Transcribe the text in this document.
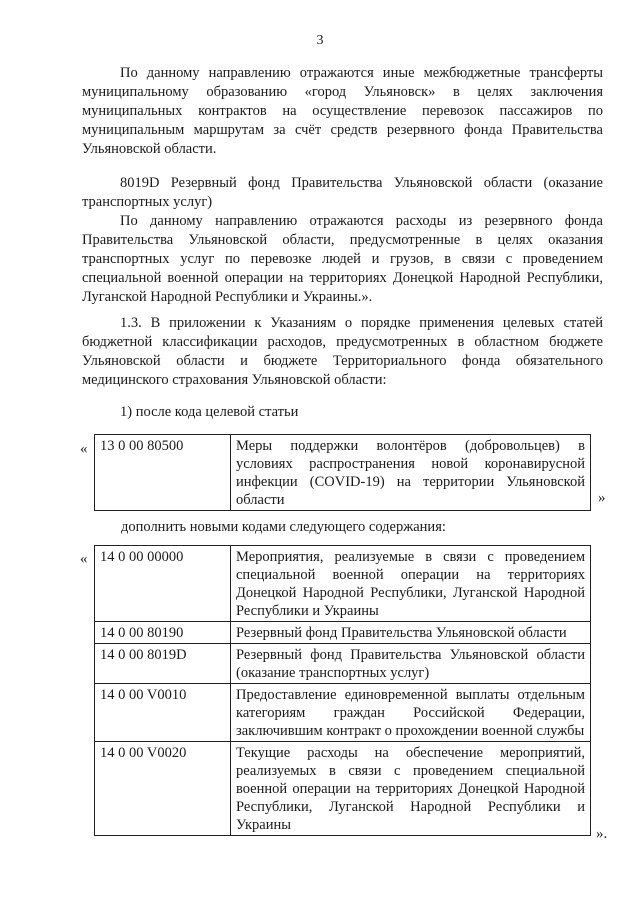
3
По данному направлению отражаются иные межбюджетные трансферты муниципальному образованию «город Ульяновск» в целях заключения муниципальных контрактов на осуществление перевозок пассажиров по муниципальным маршрутам за счёт средств резервного фонда Правительства Ульяновской области.
8019D Резервный фонд Правительства Ульяновской области (оказание транспортных услуг)
По данному направлению отражаются расходы из резервного фонда Правительства Ульяновской области, предусмотренные в целях оказания транспортных услуг по перевозке людей и грузов, в связи с проведением специальной военной операции на территориях Донецкой Народной Республики, Луганской Народной Республики и Украины.».
1.3. В приложении к Указаниям о порядке применения целевых статей бюджетной классификации расходов, предусмотренных в областном бюджете Ульяновской области и бюджете Территориального фонда обязательного медицинского страхования Ульяновской области:
1) после кода целевой статьи
« 13 0 00 80500	Меры поддержки волонтёров (добровольцев) в условиях распространения новой коронавирусной инфекции (COVID-19) на территории Ульяновской области	»
дополнить новыми кодами следующего содержания:
« 14 0 00 00000	Мероприятия, реализуемые в связи с проведением специальной военной операции на территориях Донецкой Народной Республики, Луганской Народной Республики и Украины
14 0 00 80190	Резервный фонд Правительства Ульяновской области
14 0 00 8019D	Резервный фонд Правительства Ульяновской области (оказание транспортных услуг)
14 0 00 V0010	Предоставление единовременной выплаты отдельным категориям граждан Российской Федерации, заключившим контракт о прохождении военной службы
14 0 00 V0020	Текущие расходы на обеспечение мероприятий, реализуемых в связи с проведением специальной военной операции на территориях Донецкой Народной Республики, Луганской Народной Республики и Украины
».
